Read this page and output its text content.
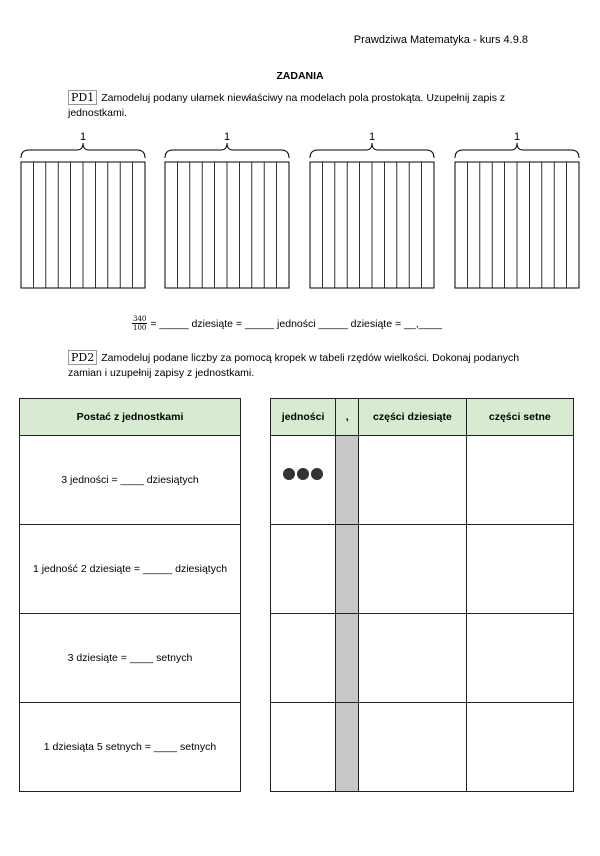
Prawdziwa Matematyka - kurs 4.9.8
ZADANIA
PD1 Zamodeluj podany ułamek niewłaściwy na modelach pola prostokąta. Uzupełnij zapis z jednostkami.
1	1	1	1
$\frac{340}{100}$ = _____ dziesiąte = _____ jedności _____ dziesiąte = __,____
PD2 Zamodeluj podane liczby za pomocą kropek w tabeli rzędów wielkości. Dokonaj podanych zamian i uzupełnij zapisy z jednostkami.
Postać z jednostkami
3 jedności = ____ dziesiątych
1 jedność 2 dziesiąte = _____ dziesiątych
3 dziesiąte = ____ setnych
1 dziesiąta 5 setnych = ____ setnych
jedności	,	części dziesiąte	części setne
